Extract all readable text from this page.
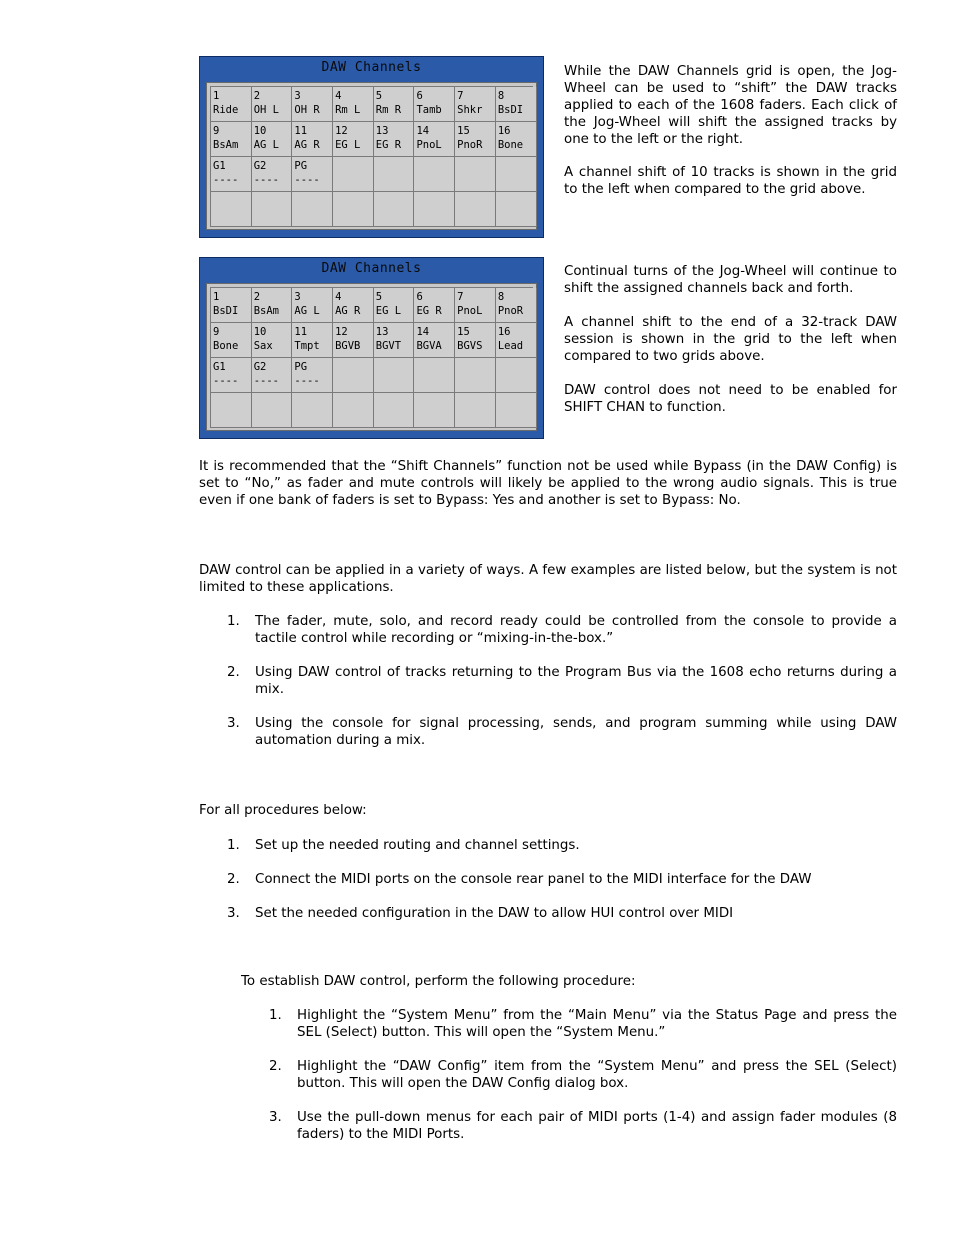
DAW Channels
1
Ride
2
OH L
3
OH R
4
Rm L
5
Rm R
6
Tamb
7
Shkr
8
BsDI
9
BsAm
10
AG L
11
AG R
12
EG L
13
EG R
14
PnoL
15
PnoR
16
Bone
G1
----
G2
----
PG
----
DAW Channels
1
BsDI
2
BsAm
3
AG L
4
AG R
5
EG L
6
EG R
7
PnoL
8
PnoR
9
Bone
10
Sax
11
Tmpt
12
BGVB
13
BGVT
14
BGVA
15
BGVS
16
Lead
G1
----
G2
----
PG
----
While the DAW Channels grid is open, the Jog-Wheel can be used to “shift” the DAW tracks applied to each of the 1608 faders. Each click of the Jog-Wheel will shift the assigned tracks by one to the left or the right.
A channel shift of 10 tracks is shown in the grid to the left when compared to the grid above.
Continual turns of the Jog-Wheel will continue to shift the assigned channels back and forth.
A channel shift to the end of a 32-track DAW session is shown in the grid to the left when compared to two grids above.
DAW control does not need to be enabled for SHIFT CHAN to function.
It is recommended that the “Shift Channels” function not be used while Bypass (in the DAW Config) is set to “No,” as fader and mute controls will likely be applied to the wrong audio signals. This is true even if one bank of faders is set to Bypass: Yes and another is set to Bypass: No.
DAW control can be applied in a variety of ways. A few examples are listed below, but the system is not limited to these applications.
1. The fader, mute, solo, and record ready could be controlled from the console to provide a tactile control while recording or “mixing-in-the-box.”
2. Using DAW control of tracks returning to the Program Bus via the 1608 echo returns during a mix.
3. Using the console for signal processing, sends, and program summing while using DAW automation during a mix.
For all procedures below:
1. Set up the needed routing and channel settings.
2. Connect the MIDI ports on the console rear panel to the MIDI interface for the DAW
3. Set the needed configuration in the DAW to allow HUI control over MIDI
To establish DAW control, perform the following procedure:
1. Highlight the “System Menu” from the “Main Menu” via the Status Page and press the SEL (Select) button. This will open the “System Menu.”
2. Highlight the “DAW Config” item from the “System Menu” and press the SEL (Select) button. This will open the DAW Config dialog box.
3. Use the pull-down menus for each pair of MIDI ports (1-4) and assign fader modules (8 faders) to the MIDI Ports.
